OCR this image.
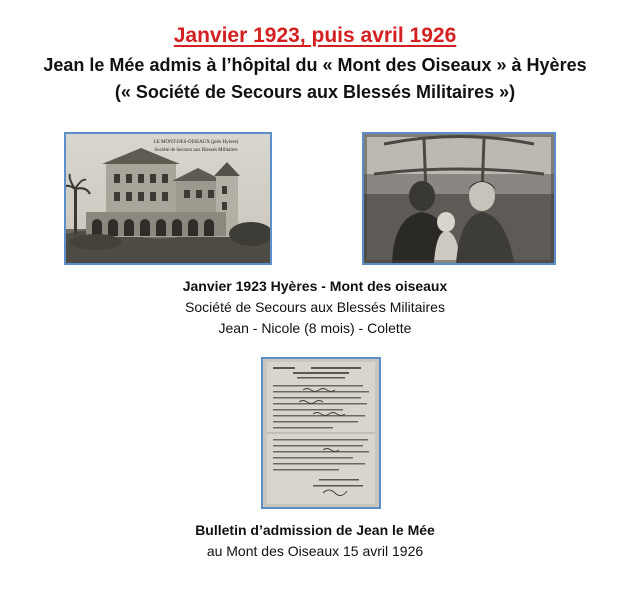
Janvier 1923, puis avril 1926
Jean le Mée admis à l’hôpital du « Mont des Oiseaux » à Hyères
(« Société de Secours aux Blessés Militaires »)
LE MONT-DES-OISEAUX (près Hyères)
Société de Secours aux Blessés Militaires
Janvier 1923 Hyères - Mont des oiseaux
Société de Secours aux Blessés Militaires
Jean - Nicole (8 mois) - Colette
Bulletin d’admission de Jean le Mée
au Mont des Oiseaux 15 avril 1926
